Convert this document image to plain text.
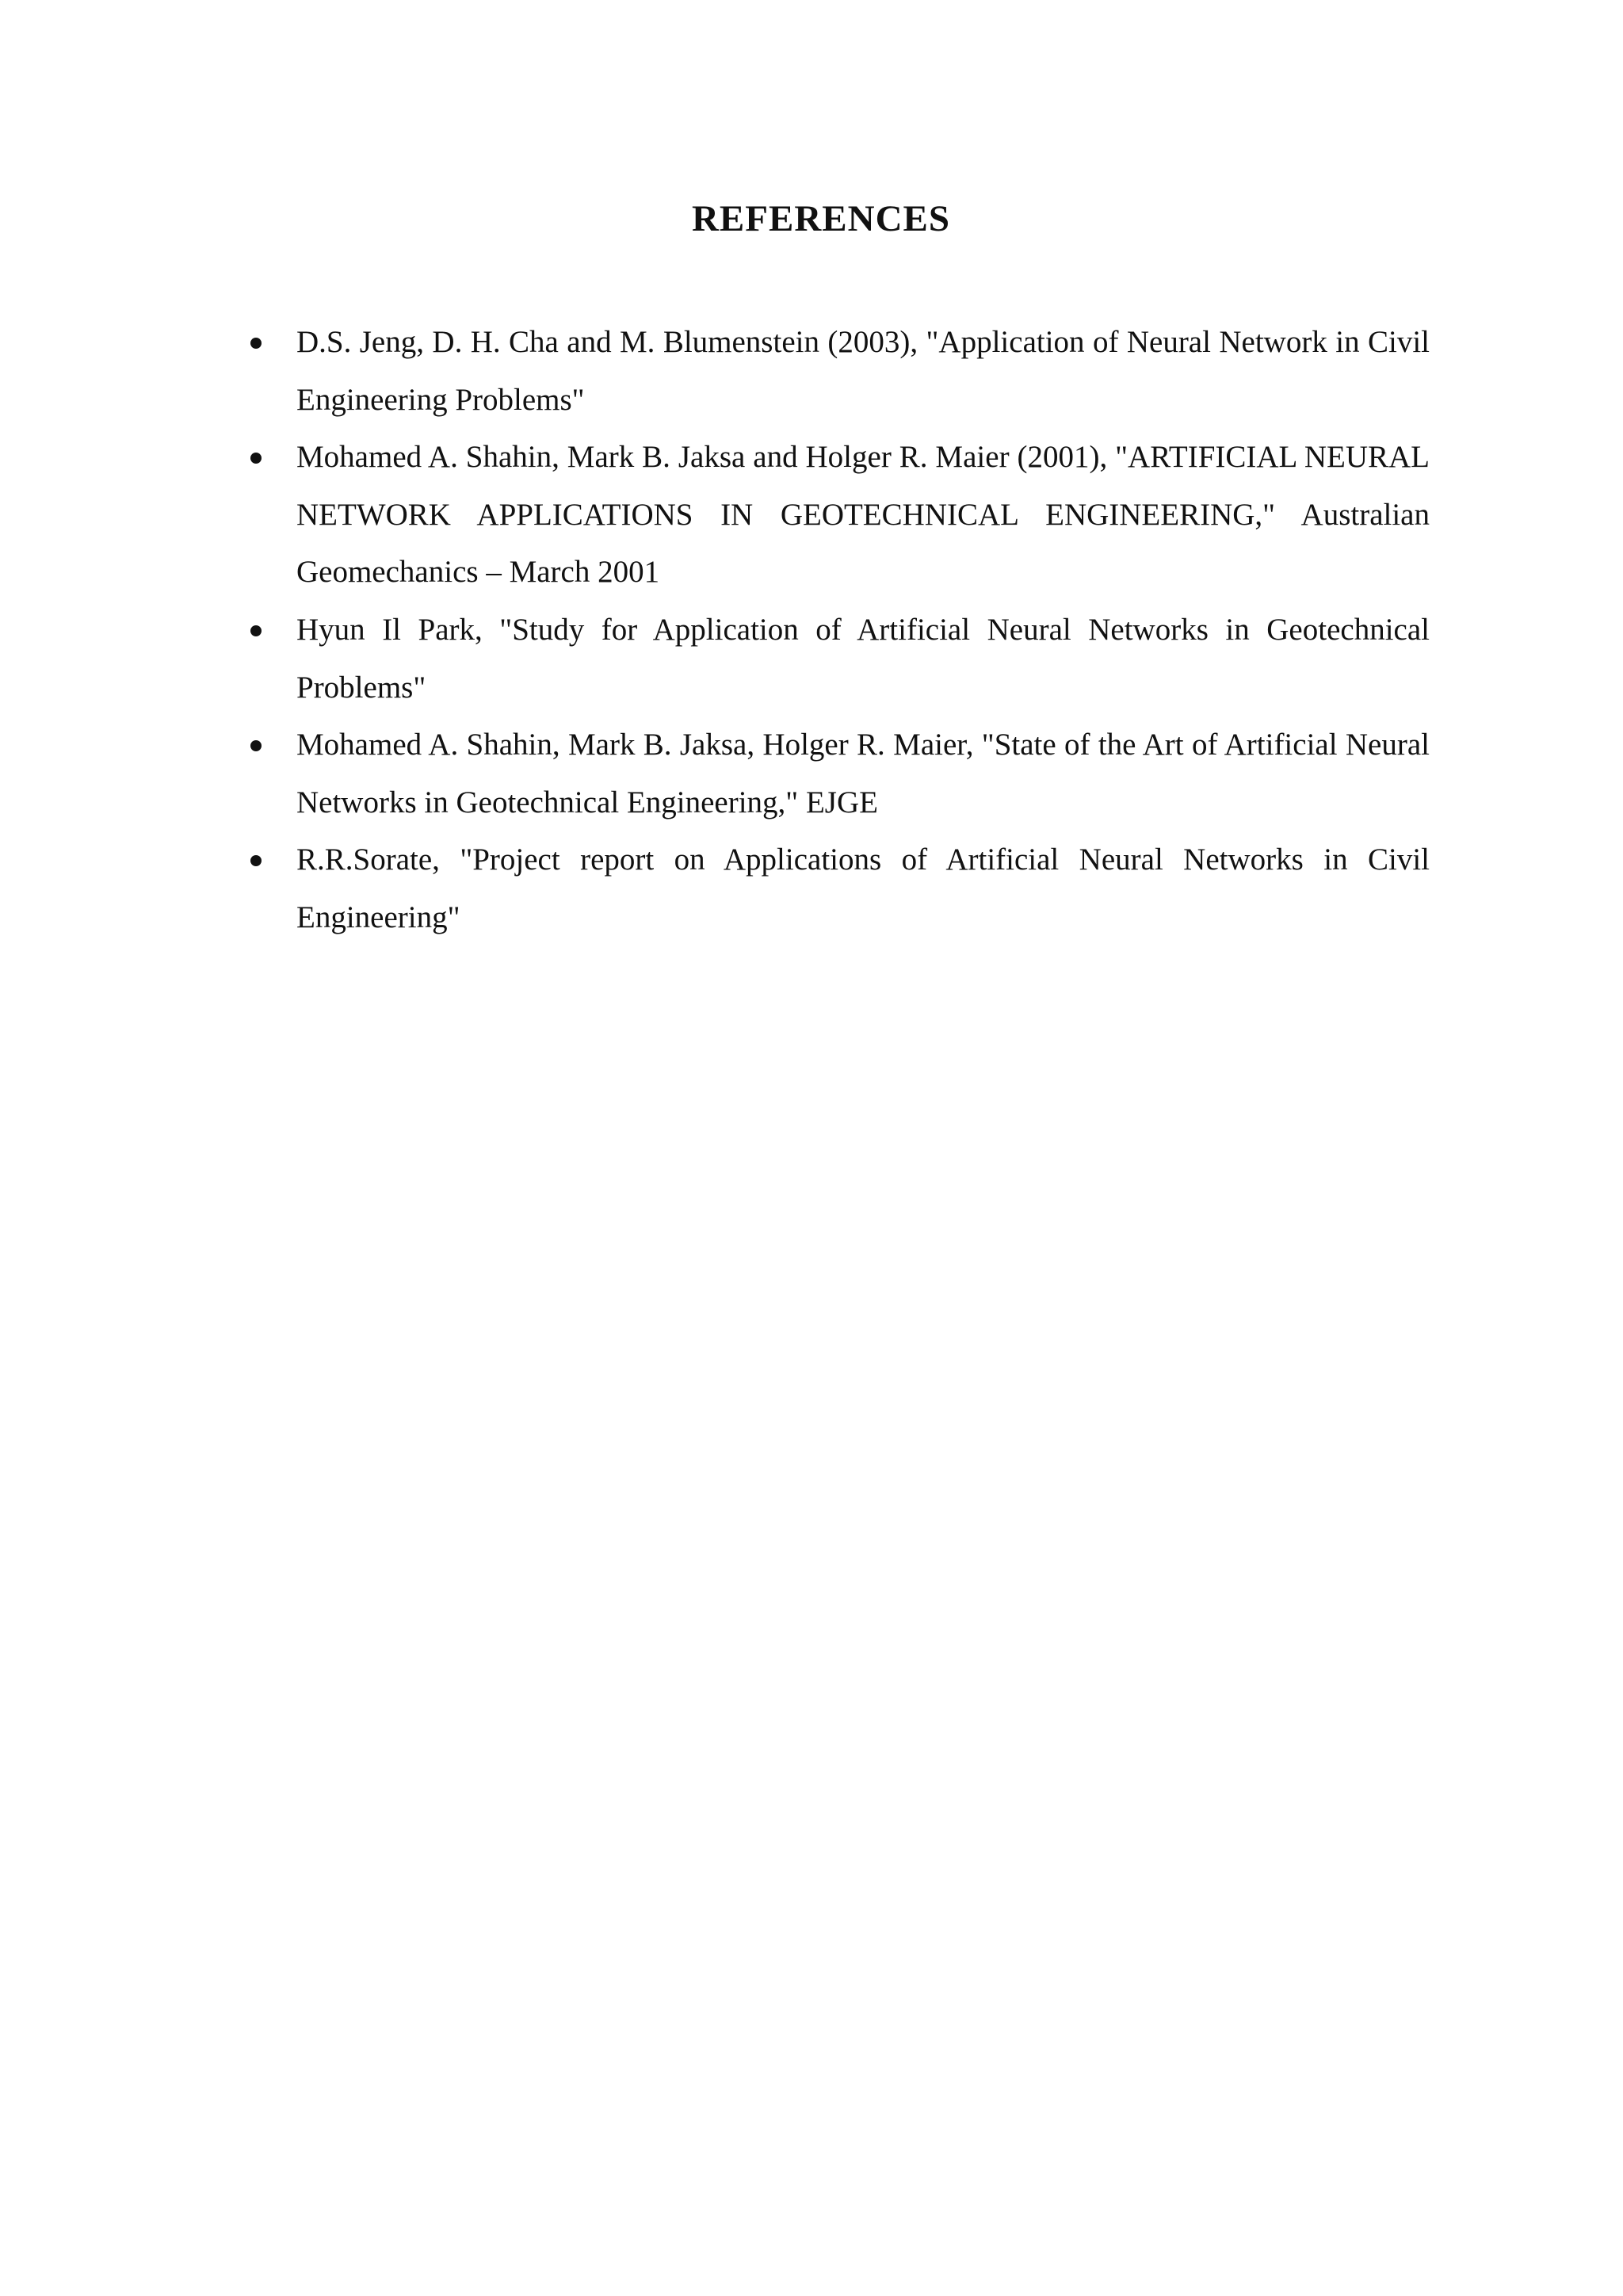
REFERENCES
D.S. Jeng, D. H. Cha and M. Blumenstein (2003), "Application of Neural Network in Civil Engineering Problems"
Mohamed A. Shahin, Mark B. Jaksa and Holger R. Maier (2001), "ARTIFICIAL NEURAL NETWORK APPLICATIONS IN GEOTECHNICAL ENGINEERING," Australian Geomechanics – March 2001
Hyun Il Park, "Study for Application of Artificial Neural Networks in Geotechnical Problems"
Mohamed A. Shahin, Mark B. Jaksa, Holger R. Maier, "State of the Art of Artificial Neural Networks in Geotechnical Engineering," EJGE
R.R.Sorate, "Project report on Applications of Artificial Neural Networks in Civil Engineering"
